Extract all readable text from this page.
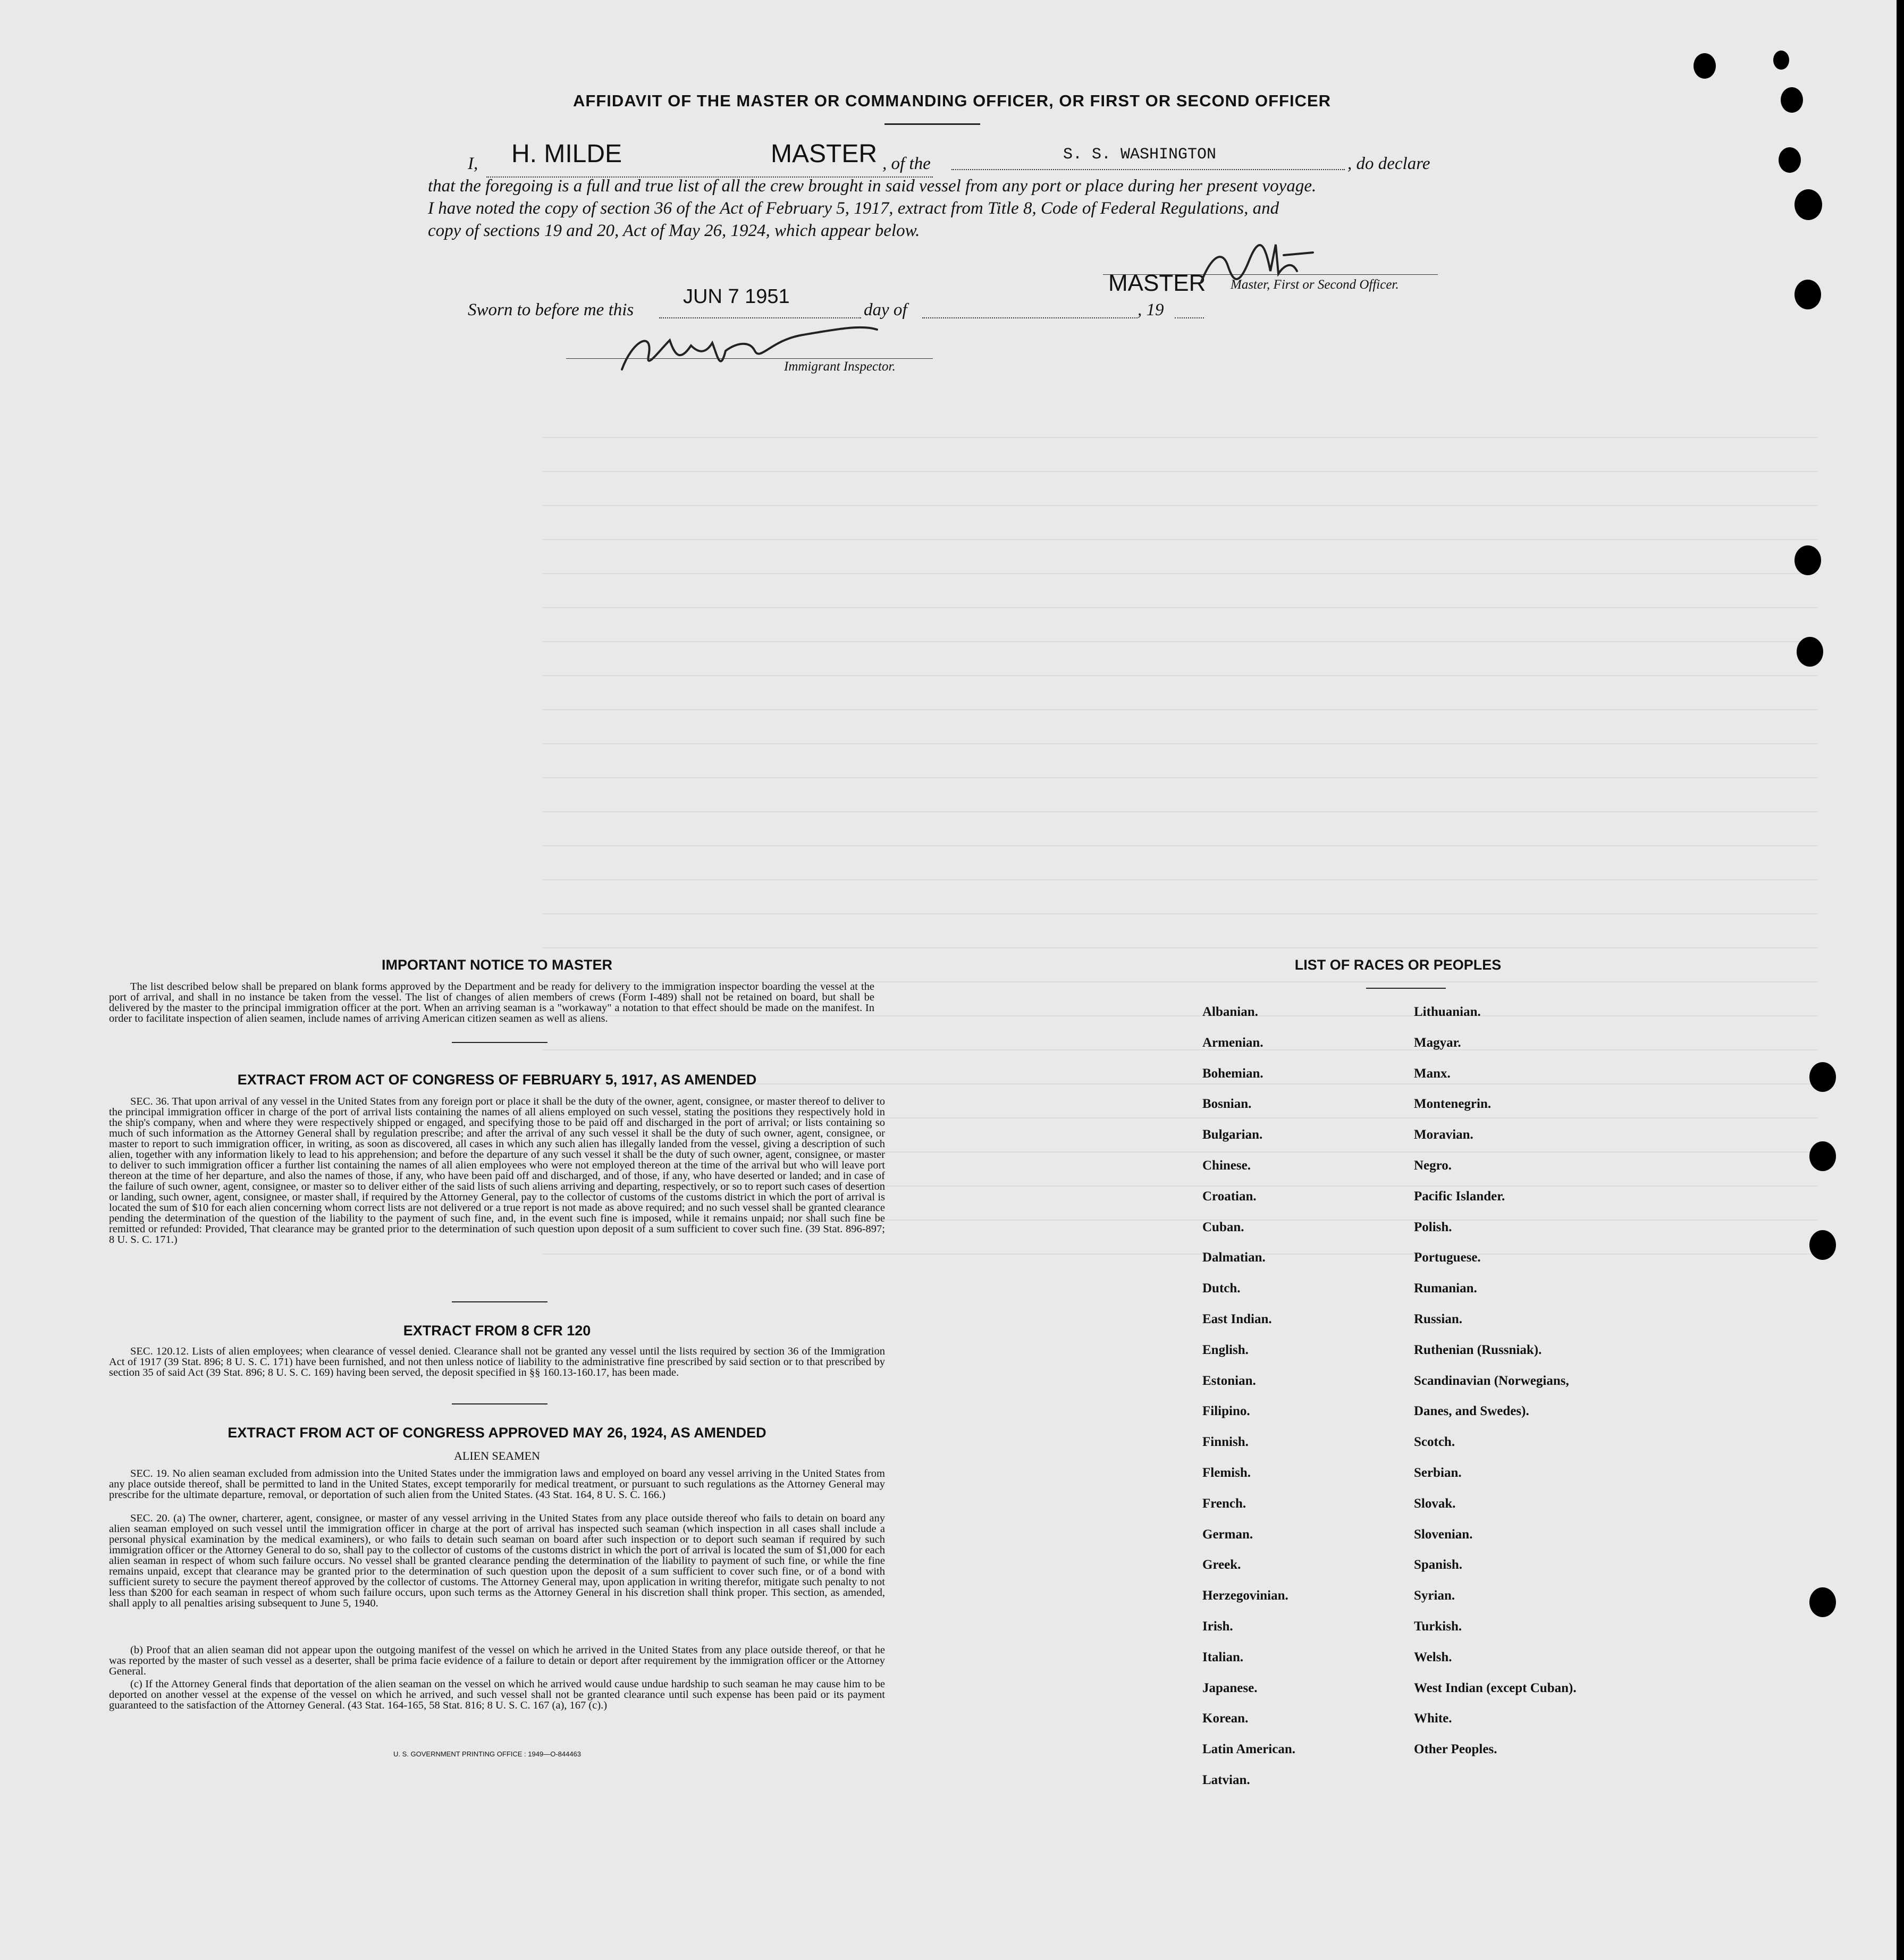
AFFIDAVIT OF THE MASTER OR COMMANDING OFFICER, OR FIRST OR SECOND OFFICER
I, H. MILDE	MASTER , of the	S. S. WASHINGTON	, do declare
that the foregoing is a full and true list of all the crew brought in said vessel from any port or place during her present voyage.
I have noted the copy of section 36 of the Act of February 5, 1917, extract from Title 8, Code of Federal Regulations, and
copy of sections 19 and 20, Act of May 26, 1924, which appear below.
MASTER Master, First or Second Officer.
Sworn to before me this
JUN 7 1951
day of	, 19
Immigrant Inspector.
IMPORTANT NOTICE TO MASTER
The list described below shall be prepared on blank forms approved by the Department and be ready for delivery to the immigration inspector boarding the vessel at the port of arrival, and shall in no instance be taken from the vessel. The list of changes of alien members of crews (Form I-489) shall not be retained on board, but shall be delivered by the master to the principal immigration officer at the port. When an arriving seaman is a "workaway" a notation to that effect should be made on the manifest. In order to facilitate inspection of alien seamen, include names of arriving American citizen seamen as well as aliens.
EXTRACT FROM ACT OF CONGRESS OF FEBRUARY 5, 1917, AS AMENDED
SEC. 36. That upon arrival of any vessel in the United States from any foreign port or place it shall be the duty of the owner, agent, consignee, or master thereof to deliver to the principal immigration officer in charge of the port of arrival lists containing the names of all aliens employed on such vessel, stating the positions they respectively hold in the ship's company, when and where they were respectively shipped or engaged, and specifying those to be paid off and discharged in the port of arrival; or lists containing so much of such information as the Attorney General shall by regulation prescribe; and after the arrival of any such vessel it shall be the duty of such owner, agent, consignee, or master to report to such immigration officer, in writing, as soon as discovered, all cases in which any such alien has illegally landed from the vessel, giving a description of such alien, together with any information likely to lead to his apprehension; and before the departure of any such vessel it shall be the duty of such owner, agent, consignee, or master to deliver to such immigration officer a further list containing the names of all alien employees who were not employed thereon at the time of the arrival but who will leave port thereon at the time of her departure, and also the names of those, if any, who have been paid off and discharged, and of those, if any, who have deserted or landed; and in case of the failure of such owner, agent, consignee, or master so to deliver either of the said lists of such aliens arriving and departing, respectively, or so to report such cases of desertion or landing, such owner, agent, consignee, or master shall, if required by the Attorney General, pay to the collector of customs of the customs district in which the port of arrival is located the sum of $10 for each alien concerning whom correct lists are not delivered or a true report is not made as above required; and no such vessel shall be granted clearance pending the determination of the question of the liability to the payment of such fine, and, in the event such fine is imposed, while it remains unpaid; nor shall such fine be remitted or refunded: Provided, That clearance may be granted prior to the determination of such question upon deposit of a sum sufficient to cover such fine. (39 Stat. 896-897; 8 U. S. C. 171.)
EXTRACT FROM 8 CFR 120
SEC. 120.12. Lists of alien employees; when clearance of vessel denied. Clearance shall not be granted any vessel until the lists required by section 36 of the Immigration Act of 1917 (39 Stat. 896; 8 U. S. C. 171) have been furnished, and not then unless notice of liability to the administrative fine prescribed by said section or to that prescribed by section 35 of said Act (39 Stat. 896; 8 U. S. C. 169) having been served, the deposit specified in §§ 160.13-160.17, has been made.
EXTRACT FROM ACT OF CONGRESS APPROVED MAY 26, 1924, AS AMENDED
ALIEN SEAMEN
SEC. 19. No alien seaman excluded from admission into the United States under the immigration laws and employed on board any vessel arriving in the United States from any place outside thereof, shall be permitted to land in the United States, except temporarily for medical treatment, or pursuant to such regulations as the Attorney General may prescribe for the ultimate departure, removal, or deportation of such alien from the United States. (43 Stat. 164, 8 U. S. C. 166.)
SEC. 20. (a) The owner, charterer, agent, consignee, or master of any vessel arriving in the United States from any place outside thereof who fails to detain on board any alien seaman employed on such vessel until the immigration officer in charge at the port of arrival has inspected such seaman (which inspection in all cases shall include a personal physical examination by the medical examiners), or who fails to detain such seaman on board after such inspection or to deport such seaman if required by such immigration officer or the Attorney General to do so, shall pay to the collector of customs of the customs district in which the port of arrival is located the sum of $1,000 for each alien seaman in respect of whom such failure occurs. No vessel shall be granted clearance pending the determination of the liability to payment of such fine, or while the fine remains unpaid, except that clearance may be granted prior to the determination of such question upon the deposit of a sum sufficient to cover such fine, or of a bond with sufficient surety to secure the payment thereof approved by the collector of customs. The Attorney General may, upon application in writing therefor, mitigate such penalty to not less than $200 for each seaman in respect of whom such failure occurs, upon such terms as the Attorney General in his discretion shall think proper. This section, as amended, shall apply to all penalties arising subsequent to June 5, 1940.
(b) Proof that an alien seaman did not appear upon the outgoing manifest of the vessel on which he arrived in the United States from any place outside thereof, or that he was reported by the master of such vessel as a deserter, shall be prima facie evidence of a failure to detain or deport after requirement by the immigration officer or the Attorney General.
(c) If the Attorney General finds that deportation of the alien seaman on the vessel on which he arrived would cause undue hardship to such seaman he may cause him to be deported on another vessel at the expense of the vessel on which he arrived, and such vessel shall not be granted clearance until such expense has been paid or its payment guaranteed to the satisfaction of the Attorney General. (43 Stat. 164-165, 58 Stat. 816; 8 U. S. C. 167 (a), 167 (c).)
U. S. GOVERNMENT PRINTING OFFICE : 1949—O-844463
LIST OF RACES OR PEOPLES
Albanian.
Armenian.
Bohemian.
Bosnian.
Bulgarian.
Chinese.
Croatian.
Cuban.
Dalmatian.
Dutch.
East Indian.
English.
Estonian.
Filipino.
Finnish.
Flemish.
French.
German.
Greek.
Herzegovinian.
Irish.
Italian.
Japanese.
Korean.
Latin American.
Latvian.
Lithuanian.
Magyar.
Manx.
Montenegrin.
Moravian.
Negro.
Pacific Islander.
Polish.
Portuguese.
Rumanian.
Russian.
Ruthenian (Russniak).
Scandinavian (Norwegians,
Danes, and Swedes).
Scotch.
Serbian.
Slovak.
Slovenian.
Spanish.
Syrian.
Turkish.
Welsh.
West Indian (except Cuban).
White.
Other Peoples.
